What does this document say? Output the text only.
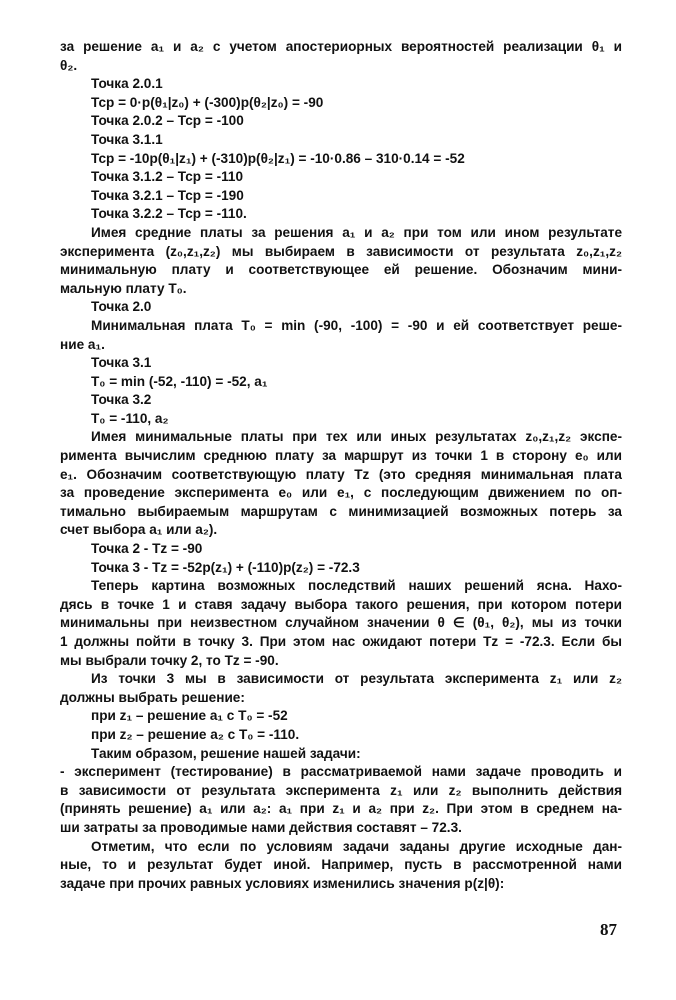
за решение а₁ и а₂ с учетом апостериорных вероятностей реализации θ₁ и
θ₂.
Точка 2.0.1
Тср = 0·p(θ₁|z₀) + (-300)p(θ₂|z₀) = -90
Точка 2.0.2 – Тср = -100
Точка 3.1.1
Тср = -10p(θ₁|z₁) + (-310)p(θ₂|z₁) = -10·0.86 – 310·0.14 = -52
Точка 3.1.2 – Тср = -110
Точка 3.2.1 – Тср = -190
Точка 3.2.2 – Тср = -110.
Имея средние платы за решения а₁ и а₂ при том или ином результате
эксперимента (z₀,z₁,z₂) мы выбираем в зависимости от результата z₀,z₁,z₂
минимальную плату и соответствующее ей решение. Обозначим мини-
мальную плату Т₀.
Точка 2.0
Минимальная плата Т₀ = min (-90, -100) = -90 и ей соответствует реше-
ние а₁.
Точка 3.1
Т₀ = min (-52, -110) = -52, а₁
Точка 3.2
Т₀ = -110, а₂
Имея минимальные платы при тех или иных результатах z₀,z₁,z₂ экспе-
римента вычислим среднюю плату за маршрут из точки 1 в сторону е₀ или
е₁. Обозначим соответствующую плату Тz (это средняя минимальная плата
за проведение эксперимента е₀ или е₁, с последующим движением по оп-
тимально выбираемым маршрутам с минимизацией возможных потерь за
счет выбора а₁ или а₂).
Точка 2 - Тz = -90
Точка 3 - Тz = -52p(z₁) + (-110)p(z₂) = -72.3
Теперь картина возможных последствий наших решений ясна. Нахо-
дясь в точке 1 и ставя задачу выбора такого решения, при котором потери
минимальны при неизвестном случайном значении θ ∈ (θ₁, θ₂), мы из точки
1 должны пойти в точку 3. При этом нас ожидают потери Тz = -72.3. Если бы
мы выбрали точку 2, то Тz = -90.
Из точки 3 мы в зависимости от результата эксперимента z₁ или z₂
должны выбрать решение:
при z₁ – решение а₁ с Т₀ = -52
при z₂ – решение а₂ с Т₀ = -110.
Таким образом, решение нашей задачи:
- эксперимент (тестирование) в рассматриваемой нами задаче проводить и
в зависимости от результата эксперимента z₁ или z₂ выполнить действия
(принять решение) а₁ или а₂: а₁ при z₁ и а₂ при z₂. При этом в среднем на-
ши затраты за проводимые нами действия составят – 72.3.
Отметим, что если по условиям задачи заданы другие исходные дан-
ные, то и результат будет иной. Например, пусть в рассмотренной нами
задаче при прочих равных условиях изменились значения p(z|θ):
87
